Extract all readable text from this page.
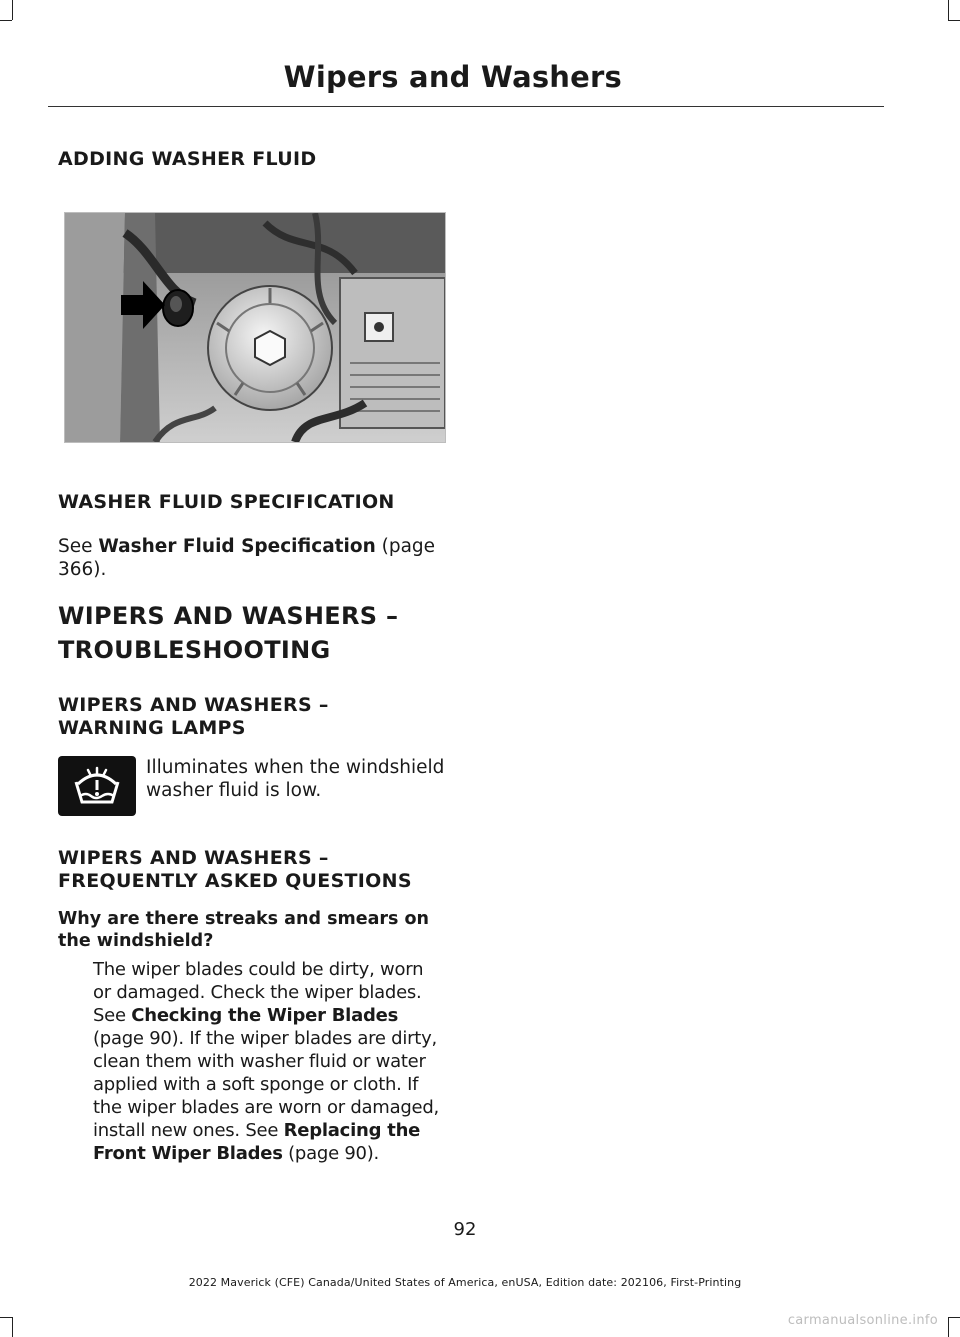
Wipers and Washers
ADDING WASHER FLUID
WASHER FLUID SPECIFICATION
See Washer Fluid Specification (page
366).
WIPERS AND WASHERS –
TROUBLESHOOTING
WIPERS AND WASHERS –
WARNING LAMPS
Illuminates when the windshield
washer fluid is low.
WIPERS AND WASHERS –
FREQUENTLY ASKED QUESTIONS
Why are there streaks and smears on the windshield?
The wiper blades could be dirty, worn
or damaged. Check the wiper blades.
See Checking the Wiper Blades
(page 90). If the wiper blades are dirty,
clean them with washer fluid or water
applied with a soft sponge or cloth. If
the wiper blades are worn or damaged,
install new ones. See Replacing the
Front Wiper Blades (page 90).
92
2022 Maverick (CFE) Canada/United States of America, enUSA, Edition date: 202106, First-Printing
carmanualsonline.info
